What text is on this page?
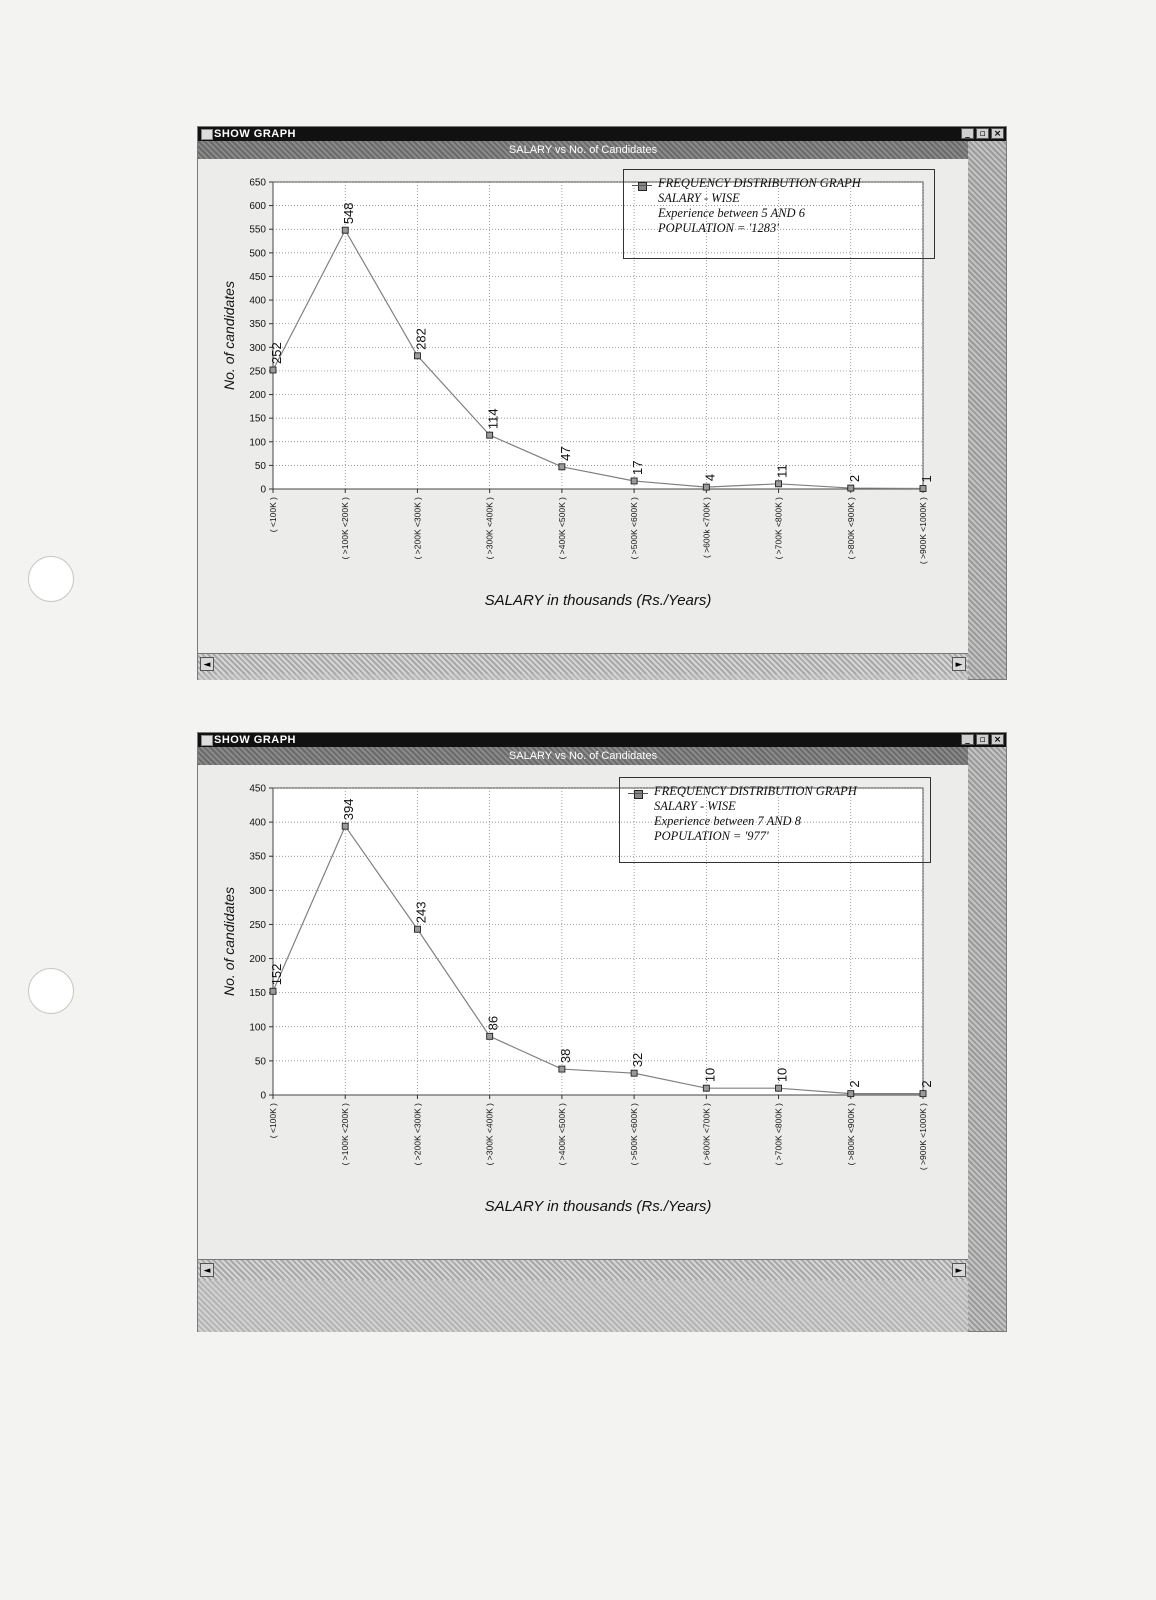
SHOW GRAPH	_	▫ ×
SALARY vs No. of Candidates
0
50
100
150
200
250
300
350
400
450
500
550
600
650
( <100K )	( >100K <200K )	( >200K <300K )	( >300K <400K )	( >400K <500K )	( >500K <600K )	( >600k <700K )	( >700K <800K )	( >800K <900K )	( >900K <1000K )
SALARY in thousands (Rs./Years)
No. of candidates 252
548
282
114
47
17
4	11
2	1
FREQUENCY DISTRIBUTION GRAPH
SALARY - WISE
Experience between 5 AND 6
POPULATION = '1283'
◄	►
SHOW GRAPH	_	▫ ×
SALARY vs No. of Candidates
0
50
100
150
200
250
300
350
400
450
( <100K )	( >100K <200K )	( >200K <300K )	( >300K <400K )	( >400K <500K )	( >500K <600K )	( >600K <700K )	( >700K <800K )	( >800K <900K )	( >900K <1000K )
SALARY in thousands (Rs./Years)
No. of candidates 152
394
243
86
38	32
10	10
2	2
FREQUENCY DISTRIBUTION GRAPH
SALARY - WISE
Experience between 7 AND 8
POPULATION = '977'
◄	►
